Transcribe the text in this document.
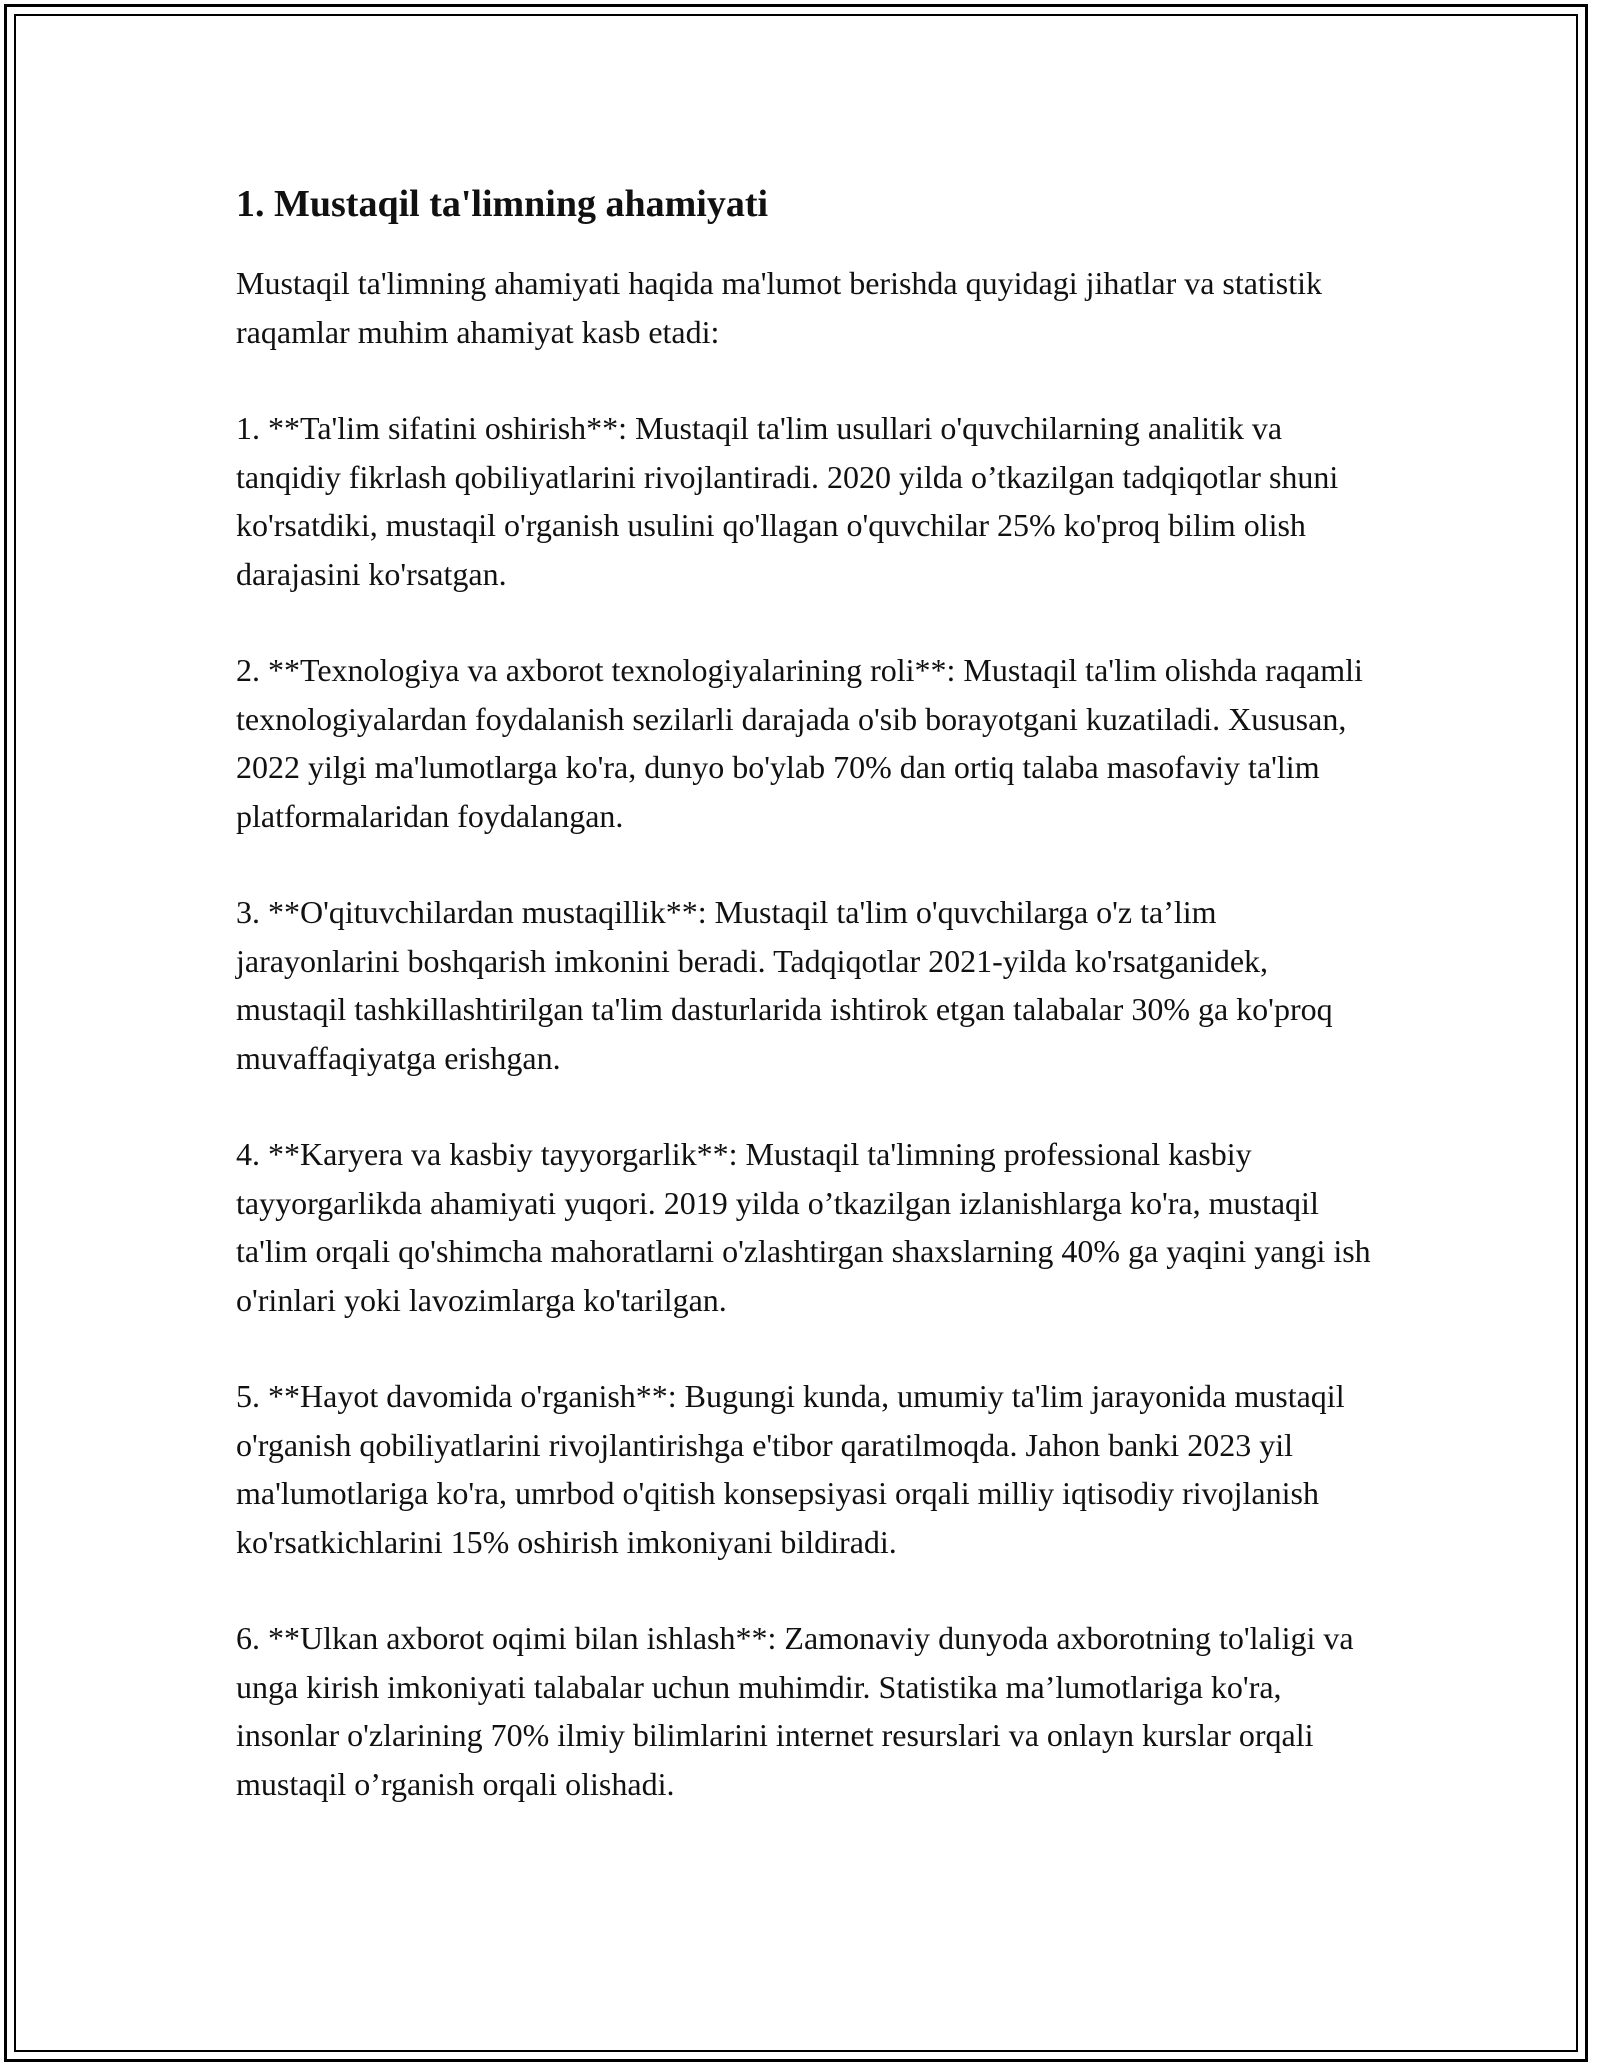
1. Mustaqil ta'limning ahamiyati

Mustaqil ta'limning ahamiyati haqida ma'lumot berishda quyidagi jihatlar va statistik raqamlar muhim ahamiyat kasb etadi:

1. **Ta'lim sifatini oshirish**: Mustaqil ta'lim usullari o'quvchilarning analitik va tanqidiy fikrlash qobiliyatlarini rivojlantiradi. 2020 yilda o’tkazilgan tadqiqotlar shuni ko'rsatdiki, mustaqil o'rganish usulini qo'llagan o'quvchilar 25% ko'proq bilim olish darajasini ko'rsatgan.

2. **Texnologiya va axborot texnologiyalarining roli**: Mustaqil ta'lim olishda raqamli texnologiyalardan foydalanish sezilarli darajada o'sib borayotgani kuzatiladi. Xususan, 2022 yilgi ma'lumotlarga ko'ra, dunyo bo'ylab 70% dan ortiq talaba masofaviy ta'lim platformalaridan foydalangan.

3. **O'qituvchilardan mustaqillik**: Mustaqil ta'lim o'quvchilarga o'z ta’lim jarayonlarini boshqarish imkonini beradi. Tadqiqotlar 2021-yilda ko'rsatganidek, mustaqil tashkillashtirilgan ta'lim dasturlarida ishtirok etgan talabalar 30% ga ko'proq muvaffaqiyatga erishgan.

4. **Karyera va kasbiy tayyorgarlik**: Mustaqil ta'limning professional kasbiy tayyorgarlikda ahamiyati yuqori. 2019 yilda o’tkazilgan izlanishlarga ko'ra, mustaqil ta'lim orqali qo'shimcha mahoratlarni o'zlashtirgan shaxslarning 40% ga yaqini yangi ish o'rinlari yoki lavozimlarga ko'tarilgan.

5. **Hayot davomida o'rganish**: Bugungi kunda, umumiy ta'lim jarayonida mustaqil o'rganish qobiliyatlarini rivojlantirishga e'tibor qaratilmoqda. Jahon banki 2023 yil ma'lumotlariga ko'ra, umrbod o'qitish konsepsiyasi orqali milliy iqtisodiy rivojlanish ko'rsatkichlarini 15% oshirish imkoniyani bildiradi.

6. **Ulkan axborot oqimi bilan ishlash**: Zamonaviy dunyoda axborotning to'laligi va unga kirish imkoniyati talabalar uchun muhimdir. Statistika ma’lumotlariga ko'ra, insonlar o'zlarining 70% ilmiy bilimlarini internet resurslari va onlayn kurslar orqali mustaqil o’rganish orqali olishadi.
